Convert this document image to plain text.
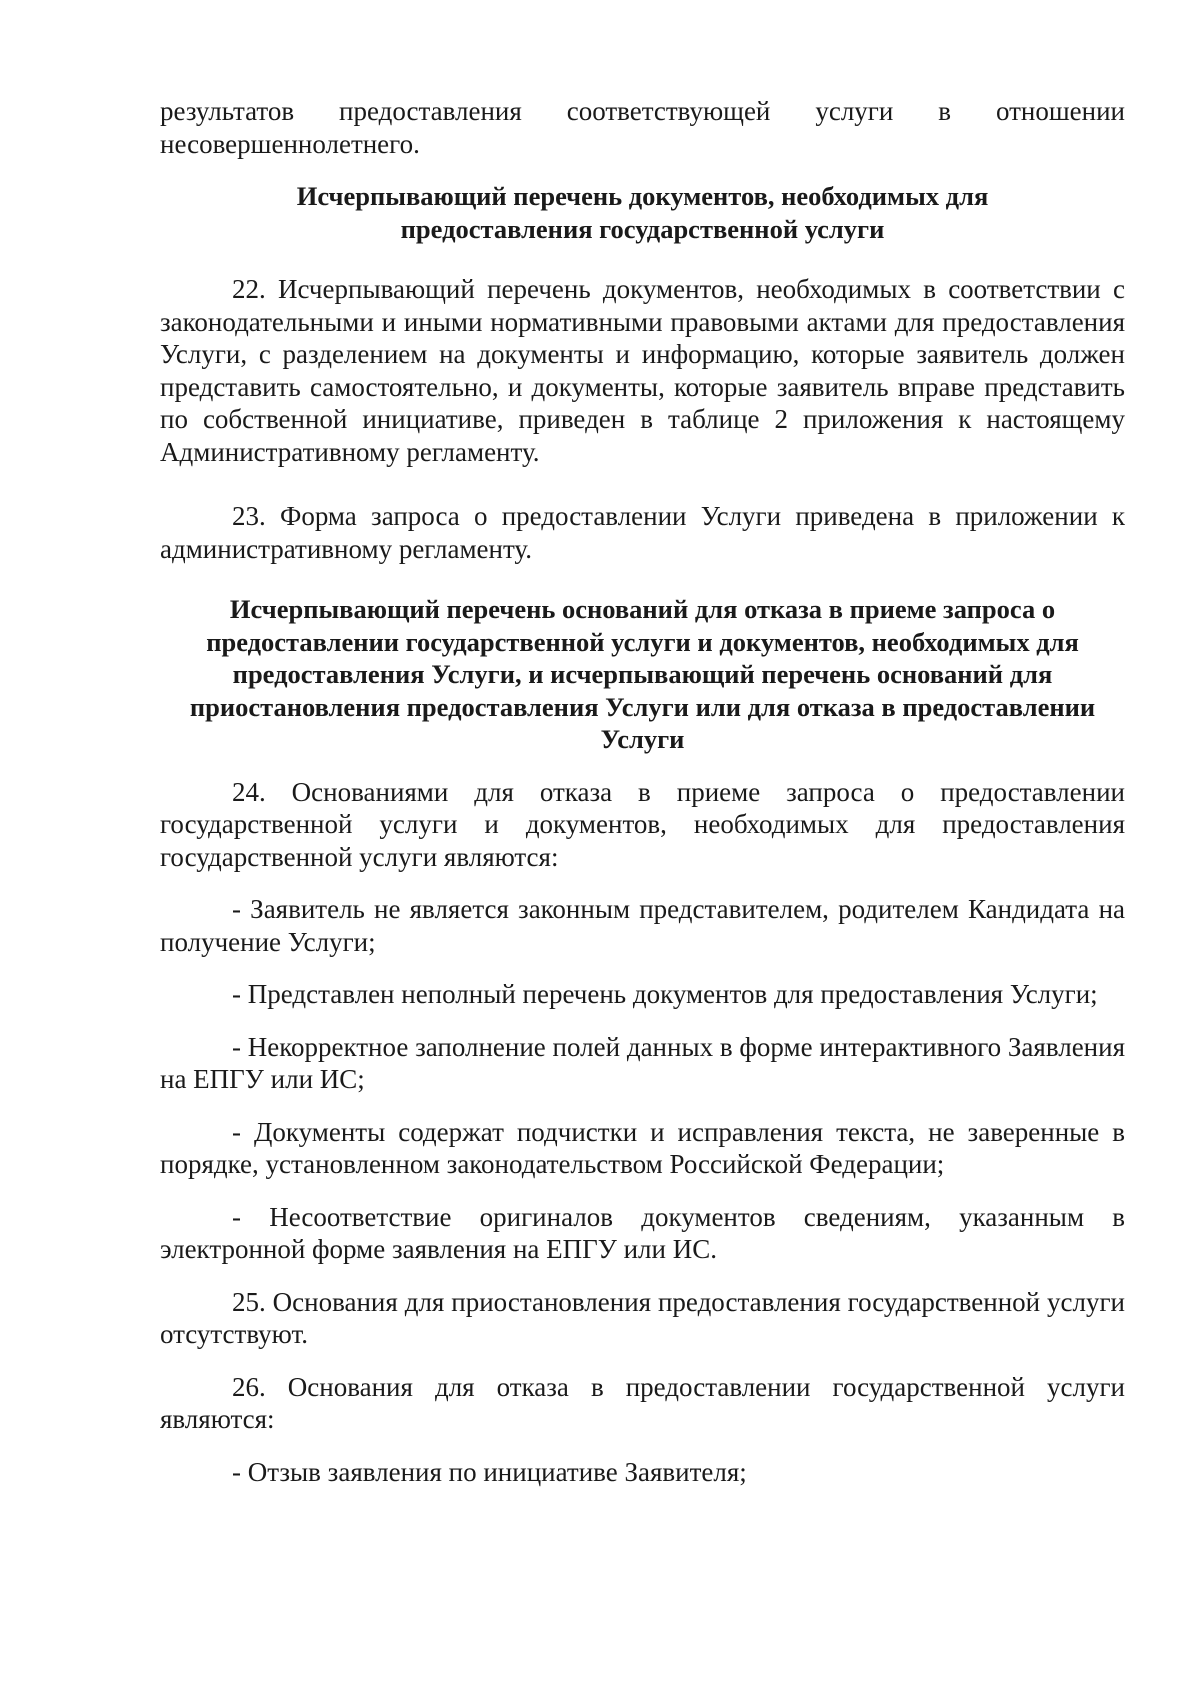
результатов предоставления соответствующей услуги в отношении несовершеннолетнего.

Исчерпывающий перечень документов, необходимых для предоставления государственной услуги

22. Исчерпывающий перечень документов, необходимых в соответствии с законодательными и иными нормативными правовыми актами для предоставления Услуги, с разделением на документы и информацию, которые заявитель должен представить самостоятельно, и документы, которые заявитель вправе представить по собственной инициативе, приведен в таблице 2 приложения к настоящему Административному регламенту.

23. Форма запроса о предоставлении Услуги приведена в приложении к административному регламенту.

Исчерпывающий перечень оснований для отказа в приеме запроса о предоставлении государственной услуги и документов, необходимых для предоставления Услуги, и исчерпывающий перечень оснований для приостановления предоставления Услуги или для отказа в предоставлении Услуги

24. Основаниями для отказа в приеме запроса о предоставлении государственной услуги и документов, необходимых для предоставления государственной услуги являются:

- Заявитель не является законным представителем, родителем Кандидата на получение Услуги;

- Представлен неполный перечень документов для предоставления Услуги;

- Некорректное заполнение полей данных в форме интерактивного Заявления на ЕПГУ или ИС;

- Документы содержат подчистки и исправления текста, не заверенные в порядке, установленном законодательством Российской Федерации;

- Несоответствие оригиналов документов сведениям, указанным в электронной форме заявления на ЕПГУ или ИС.

25. Основания для приостановления предоставления государственной услуги отсутствуют.

26. Основания для отказа в предоставлении государственной услуги являются:

- Отзыв заявления по инициативе Заявителя;
